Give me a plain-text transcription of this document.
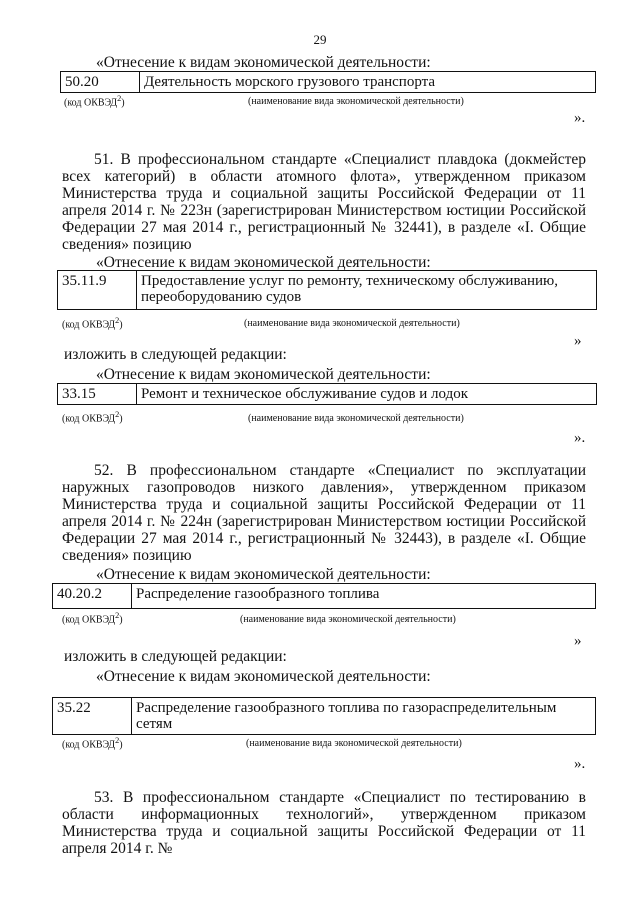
29
«Отнесение к видам экономической деятельности:
50.20	Деятельность морского грузового транспорта
(код ОКВЭД$^2$)	(наименование вида экономической деятельности)
».
51. В профессиональном стандарте «Специалист плавдока (докмейстер всех категорий) в области атомного флота», утвержденном приказом Министерства труда и социальной защиты Российской Федерации от 11 апреля 2014 г. № 223н (зарегистрирован Министерством юстиции Российской Федерации 27 мая 2014 г., регистрационный № 32441), в разделе «I. Общие сведения» позицию
«Отнесение к видам экономической деятельности:
35.11.9	Предоставление услуг по ремонту, техническому обслуживанию, переоборудованию судов
(код ОКВЭД$^2$)	(наименование вида экономической деятельности)
»
изложить в следующей редакции:
«Отнесение к видам экономической деятельности:
33.15	Ремонт и техническое обслуживание судов и лодок
(код ОКВЭД$^2$)	(наименование вида экономической деятельности)
».
52. В профессиональном стандарте «Специалист по эксплуатации наружных газопроводов низкого давления», утвержденном приказом Министерства труда и социальной защиты Российской Федерации от 11 апреля 2014 г. № 224н (зарегистрирован Министерством юстиции Российской Федерации 27 мая 2014 г., регистрационный № 32443), в разделе «I. Общие сведения» позицию
«Отнесение к видам экономической деятельности:
40.20.2	Распределение газообразного топлива
(код ОКВЭД$^2$)	(наименование вида экономической деятельности)
»
изложить в следующей редакции:
«Отнесение к видам экономической деятельности:
35.22	Распределение газообразного топлива по газораспределительным сетям
(код ОКВЭД$^2$)	(наименование вида экономической деятельности)
».
53. В профессиональном стандарте «Специалист по тестированию в области информационных технологий», утвержденном приказом Министерства труда и социальной защиты Российской Федерации от 11 апреля 2014 г. №
